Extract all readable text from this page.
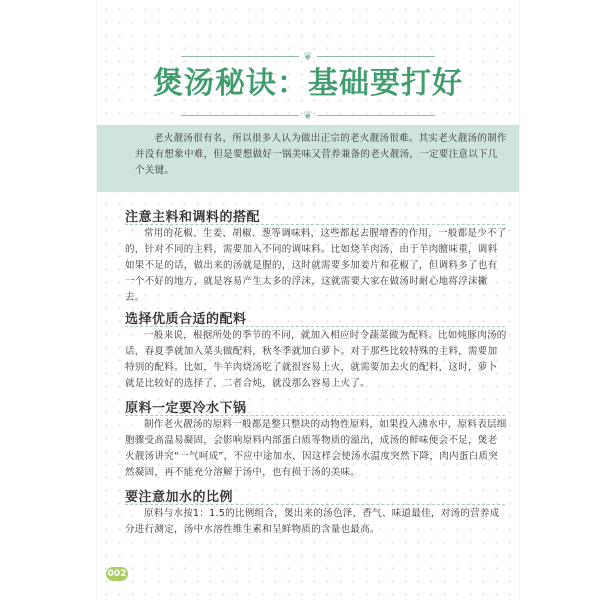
❦
煲汤秘诀：基础要打好
❦

老火靓汤很有名，所以很多人认为做出正宗的老火靓汤很难。其实老火靓汤的制作并没有想象中难，但是要想做好一锅美味又营养兼备的老火靓汤，一定要注意以下几个关键。

注意主料和调料的搭配

常用的花椒、生姜、胡椒、葱等调味料，这些都起去腥增香的作用，一般都是少不了的，针对不同的主料，需要加入不同的调味料。比如烧羊肉汤，由于羊肉膻味重，调料如果不足的话，做出来的汤就是腥的，这时就需要多加姜片和花椒了，但调料多了也有一个不好的地方，就是容易产生太多的浮沫，这就需要大家在做汤时耐心地将浮沫撇去。

选择优质合适的配料

一般来说，根据所处的季节的不同，就加入相应时令蔬菜做为配料。比如炖豚肉汤的话，春夏季就加入菜头做配料，秋冬季就加白萝卜。对于那些比较特殊的主料，需要加特别的配料。比如，牛羊肉烧汤吃了就很容易上火，就需要加去火的配料，这时，萝卜就是比较好的选择了，二者合炖，就没那么容易上火了。

原料一定要冷水下锅

制作老火靓汤的原料一般都是整只整块的动物性原料，如果投入沸水中，原料表层细胞骤受高温易凝固，会影响原料内部蛋白质等物质的溢出，成汤的鲜味便会不足，煲老火靓汤讲究“一气呵成”，不应中途加水，因这样会使汤水温度突然下降，肉内蛋白质突然凝固，再不能充分溶解于汤中，也有损于汤的美味。

要注意加水的比例

原料与水按1：1.5的比例组合，煲出来的汤色泽、香气、味道最佳，对汤的营养成分进行测定，汤中水溶性维生素和呈鲜物质的含量也最高。

002
